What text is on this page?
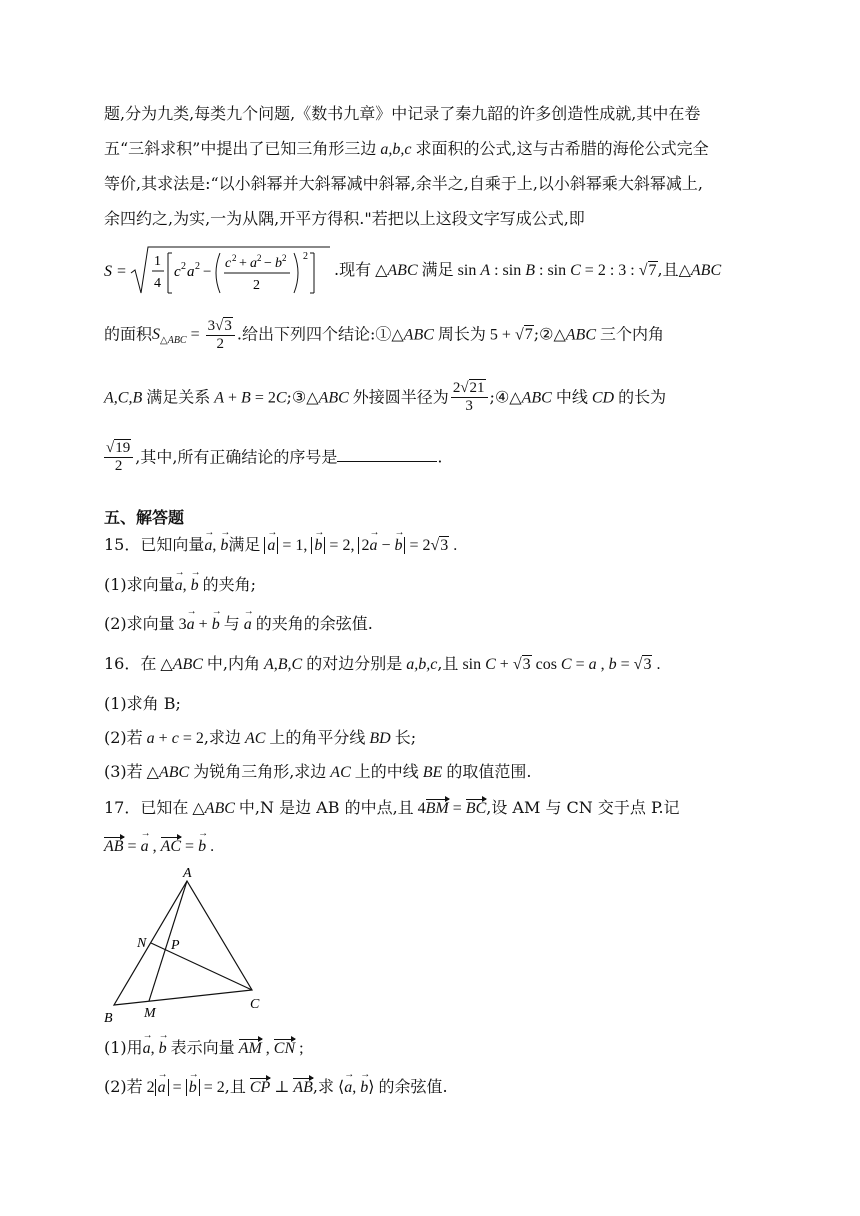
题,分为九类,每类九个问题,《数书九章》中记录了秦九韶的许多创造性成就,其中在卷
五“三斜求积”中提出了已知三角形三边 a,b,c 求面积的公式,这与古希腊的海伦公式完全
等价,其求法是:“以小斜幂并大斜幂减中斜幂,余半之,自乘于上,以小斜幂乘大斜幂减上,
余四约之,为实,一为从隅,开平方得积."若把以上这段文字写成公式,即
S =
1
4
c 2 a 2 −
c 2 + a 2 − b 2
2
2
.现有 △ABC 满足 sin A : sin B : sin C = 2 : 3 : √7,且△ABC
的面积$S_{\triangle ABC} = \frac{3√3}{2}$ .给出下列四个结论:①△ABC 周长为 5 + √7;②△ABC 三个内角
A,C,B 满足关系 A + B = 2C;③△ABC 外接圆半径为 $\frac{2√21}{3}$ ;④△ABC 中线 CD 的长为
$\frac{√19}{2}$ ,其中,所有正确结论的序号是	.
五、解答题
15．已知向量→ a, → b满足 → a = 1, → b = 2, 2→ a − → b = 2√3 .
(1)求向量→ a, → b 的夹角;
(2)求向量 3→ a + → b 与 → a 的夹角的余弦值.
16．在 △ABC 中,内角 A,B,C 的对边分别是 a,b,c,且 sin C + √3 cos C = a , b = √3 .
(1)求角 B;
(2)若 a + c = 2,求边 AC 上的角平分线 BD 长;
(3)若 △ABC 为锐角三角形,求边 AC 上的中线 BE 的取值范围.
17．已知在 △ABC 中,N 是边 AB 的中点,且 4BM = BC,设 AM 与 CN 交于点 P.记
AB = → a , AC = → b .
A
B
C
M
N P
(1)用→ a, → b 表示向量 AM , CN ;
(2)若 2 → a = → b = 2,且 CP ⊥ AB,求 ⟨→ a, → b⟩ 的余弦值.
